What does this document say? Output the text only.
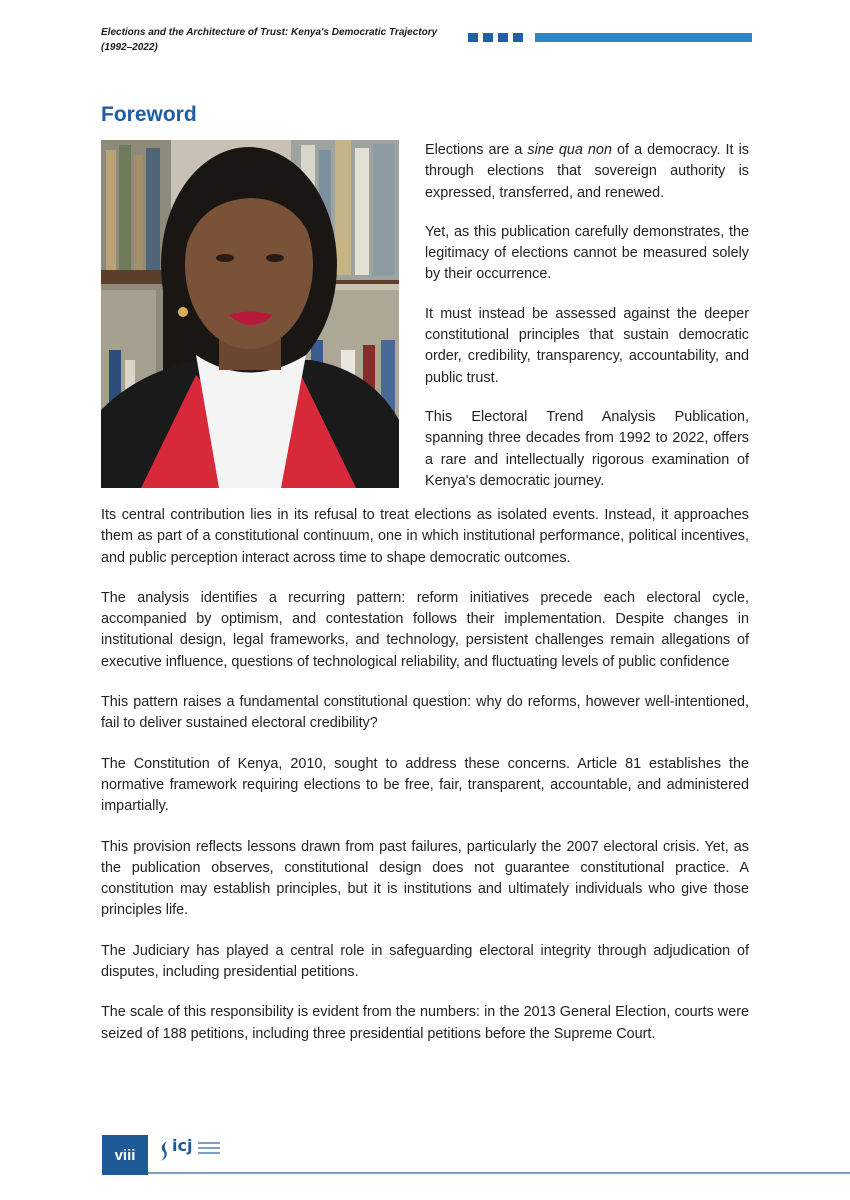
Elections and the Architecture of Trust: Kenya's Democratic Trajectory (1992–2022)
Foreword

Elections are a sine qua non of a democracy. It is through elections that sovereign authority is expressed, transferred, and renewed.

Yet, as this publication carefully demonstrates, the legitimacy of elections cannot be measured solely by their occurrence.

It must instead be assessed against the deeper constitutional principles that sustain democratic order, credibility, transparency, accountability, and public trust.

This Electoral Trend Analysis Publication, spanning three decades from 1992 to 2022, offers a rare and intellectually rigorous examination of Kenya's democratic journey.

Its central contribution lies in its refusal to treat elections as isolated events. Instead, it approaches them as part of a constitutional continuum, one in which institutional performance, political incentives, and public perception interact across time to shape democratic outcomes.

The analysis identifies a recurring pattern: reform initiatives precede each electoral cycle, accompanied by optimism, and contestation follows their implementation. Despite changes in institutional design, legal frameworks, and technology, persistent challenges remain allegations of executive influence, questions of technological reliability, and fluctuating levels of public confidence

This pattern raises a fundamental constitutional question: why do reforms, however well-intentioned, fail to deliver sustained electoral credibility?

The Constitution of Kenya, 2010, sought to address these concerns. Article 81 establishes the normative framework requiring elections to be free, fair, transparent, accountable, and administered impartially.

This provision reflects lessons drawn from past failures, particularly the 2007 electoral crisis. Yet, as the publication observes, constitutional design does not guarantee constitutional practice. A constitution may establish principles, but it is institutions and ultimately individuals who give those principles life.

The Judiciary has played a central role in safeguarding electoral integrity through adjudication of disputes, including presidential petitions.

The scale of this responsibility is evident from the numbers: in the 2013 General Election, courts were seized of 188 petitions, including three presidential petitions before the Supreme Court.

viii	icj
